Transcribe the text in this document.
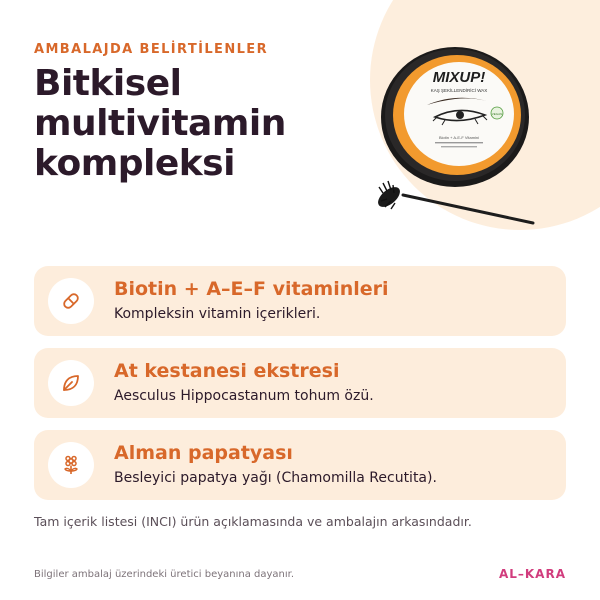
AMBALAJDA BELİRTİLENLER
Bitkisel
multivitamin
kompleksi
MIXUP!
KAŞ ŞEKİLLENDİRİCİ WAX
VEGAN
Biotin + A-E-F Vitamini
Biotin + A–E–F vitaminleri
Kompleksin vitamin içerikleri.
At kestanesi ekstresi
Aesculus Hippocastanum tohum özü.
Alman papatyası
Besleyici papatya yağı (Chamomilla Recutita).
Tam içerik listesi (INCI) ürün açıklamasında ve ambalajın arkasındadır.
Bilgiler ambalaj üzerindeki üretici beyanına dayanır.	AL–KARA
